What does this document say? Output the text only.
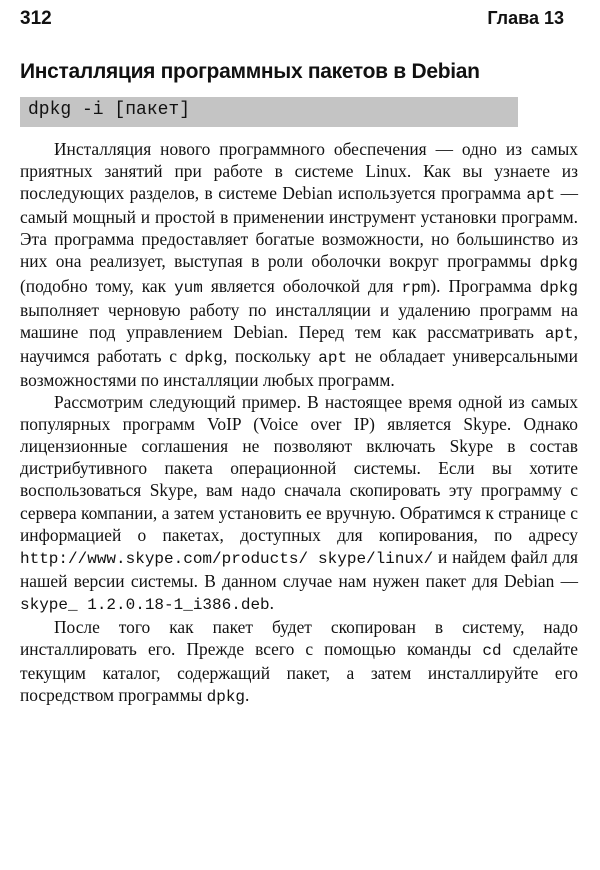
312	Глава 13
Инсталляция программных пакетов в Debian
dpkg -i [пакет]

Инсталляция нового программного обеспечения — одно из самых приятных занятий при работе в системе Linux. Как вы узнаете из последующих разделов, в системе Debian используется программа apt — самый мощный и простой в применении инструмент установки программ. Эта программа предоставляет богатые возможности, но большинство из них она реализует, выступая в роли оболочки вокруг программы dpkg (подобно тому, как yum является оболочкой для rpm). Программа dpkg выполняет черновую работу по инсталляции и удалению программ на машине под управлением Debian. Перед тем как рассматривать apt, научимся работать с dpkg, поскольку apt не обладает универсальными возможностями по инсталляции любых программ.

Рассмотрим следующий пример. В настоящее время одной из самых популярных программ VoIP (Voice over IP) является Skype. Однако лицензионные соглашения не позволяют включать Skype в состав дистрибутивного пакета операционной системы. Если вы хотите воспользоваться Skype, вам надо сначала скопировать эту программу с сервера компании, а затем установить ее вручную. Обратимся к странице с информацией о пакетах, доступных для копирования, по адресу http://www.skype.com/products/ skype/linux/ и найдем файл для нашей версии системы. В данном случае нам нужен пакет для Debian — skype_ 1.2.0.18-1_i386.deb.

После того как пакет будет скопирован в систему, надо инсталлировать его. Прежде всего с помощью команды cd сделайте текущим каталог, содержащий пакет, а затем инсталлируйте его посредством программы dpkg.
